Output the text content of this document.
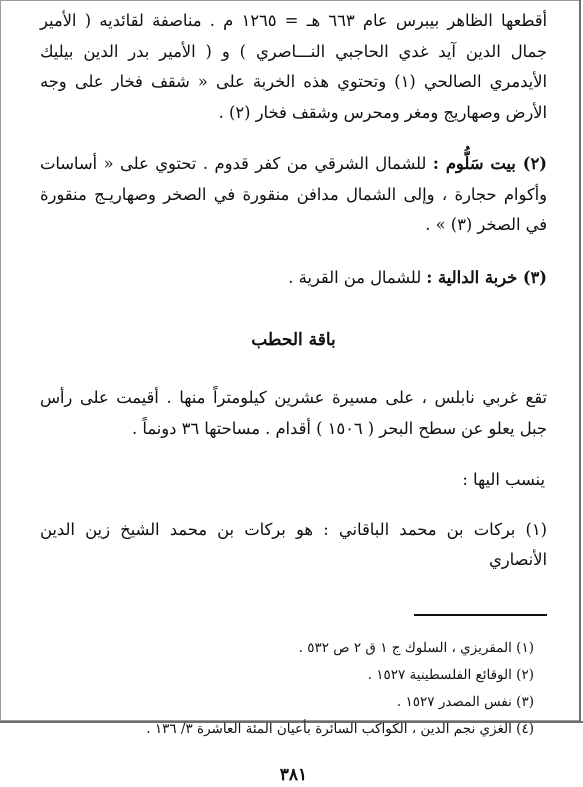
أقطعها الظاهر بيبرس عام ٦٦٣ هـ = ١٢٦٥ م . مناصفة لقائديه ( الأمير جمال الدين آيد غدي الحاجبي النـــاصري ) و ( الأمير بدر الدين بيليك الأيدمري الصالحي (١) وتحتوي هذه الخربة على « شقف فخار على وجه الأرض وصهاريج ومغر ومحرس وشقف فخار (٢) .

(٢) بيت سَلُّوم : للشمال الشرقي من كفر قدوم . تحتوي على « أساسات وأكوام حجارة ، وإلى الشمال مدافن منقورة في الصخر وصهاريـج منقورة في الصخر (٣) » .

(٣) خربة الدالية : للشمال من القرية .

باقة الحطب

تقع غربي نابلس ، على مسيرة عشرين كيلومتراً منها . أقيمت على رأس جبل يعلو عن سطح البحر ( ١٥٠٦ ) أقدام . مساحتها ٣٦ دونماً .

ينسب اليها :

(١) بركات بن محمد الباقاني : هو بركات بن محمد الشيخ زين الدين الأنصاري

(١) المقريزي ، السلوك ج ١ ق ٢ ص ٥٣٢ .

(٢) الوقائع الفلسطينية ١٥٢٧ .

(٣) نفس المصدر ١٥٢٧ .

(٤) الغزي نجم الدين ، الكواكب السائرة بأعيان المئة العاشرة ٣/ ١٣٦ .

٣٨١
